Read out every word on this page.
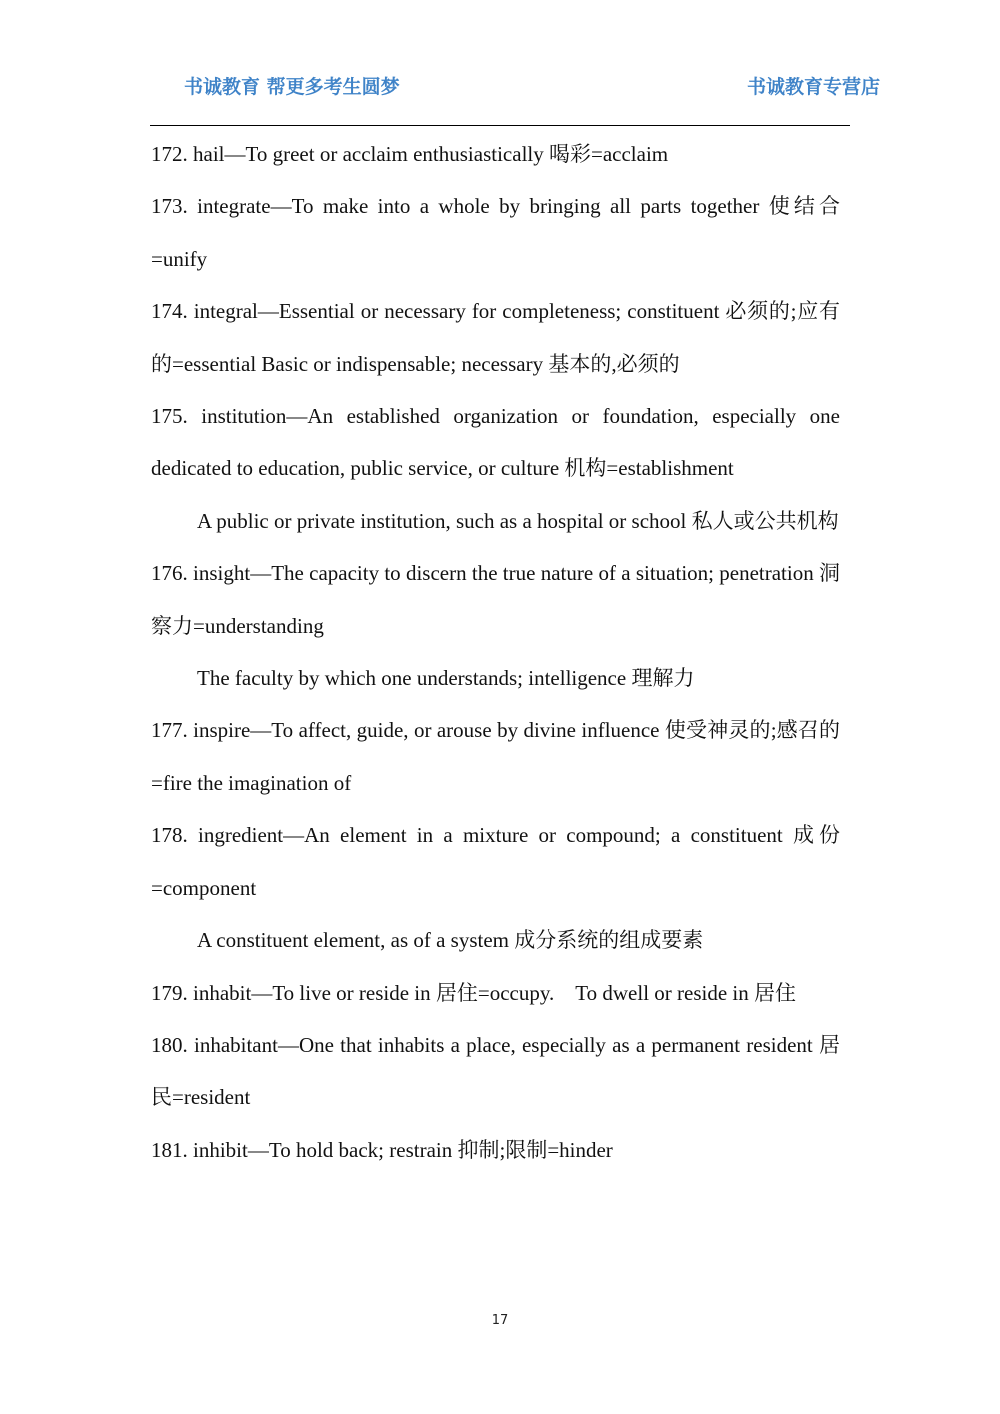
书诚教育 帮更多考生圆梦	书诚教育专营店

172. hail—To greet or acclaim enthusiastically 喝彩=acclaim

173. integrate—To make into a whole by bringing all parts together 使结合=unify

174. integral—Essential or necessary for completeness; constituent 必须的;应有的=essential Basic or indispensable; necessary 基本的,必须的

175. institution—An established organization or foundation, especially one dedicated to education, public service, or culture 机构=establishment

A public or private institution, such as a hospital or school 私人或公共机构

176. insight—The capacity to discern the true nature of a situation; penetration 洞察力=understanding

The faculty by which one understands; intelligence 理解力

177. inspire—To affect, guide, or arouse by divine influence 使受神灵的;感召的=fire the imagination of

178. ingredient—An element in a mixture or compound; a constituent 成份=component

A constituent element, as of a system 成分系统的组成要素

179. inhabit—To live or reside in 居住=occupy.　To dwell or reside in 居住

180. inhabitant—One that inhabits a place, especially as a permanent resident 居民=resident

181. inhibit—To hold back; restrain 抑制;限制=hinder

17
